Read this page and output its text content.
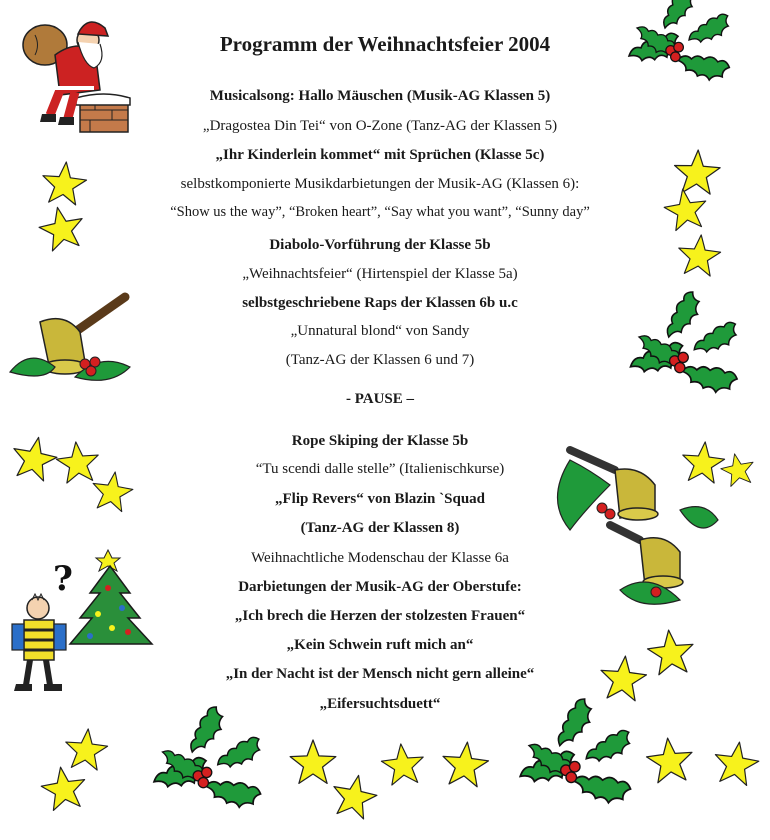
Programm der Weihnachtsfeier 2004
Musicalsong: Hallo Mäuschen (Musik-AG Klassen 5)
„Dragostea Din Tei“ von O-Zone (Tanz-AG der Klassen 5)
„Ihr Kinderlein kommet“ mit Sprüchen (Klasse 5c)
selbstkomponierte Musikdarbietungen der Musik-AG (Klassen 6):
“Show us the way”, “Broken heart”, “Say what you want”, “Sunny day”
Diabolo-Vorführung der Klasse 5b
„Weihnachtsfeier“ (Hirtenspiel der Klasse 5a)
selbstgeschriebene Raps der Klassen 6b u.c
„Unnatural blond“ von Sandy
(Tanz-AG der Klassen 6 und 7)
- PAUSE –
Rope Skiping der Klasse 5b
“Tu scendi dalle stelle” (Italienischkurse)
„Flip Revers“ von Blazin `Squad
(Tanz-AG der Klassen 8)
Weihnachtliche Modenschau der Klasse 6a
Darbietungen der Musik-AG der Oberstufe:
„Ich brech die Herzen der stolzesten Frauen“
„Kein Schwein ruft mich an“
„In der Nacht ist der Mensch nicht gern alleine“
„Eifersuchtsduett“
?
